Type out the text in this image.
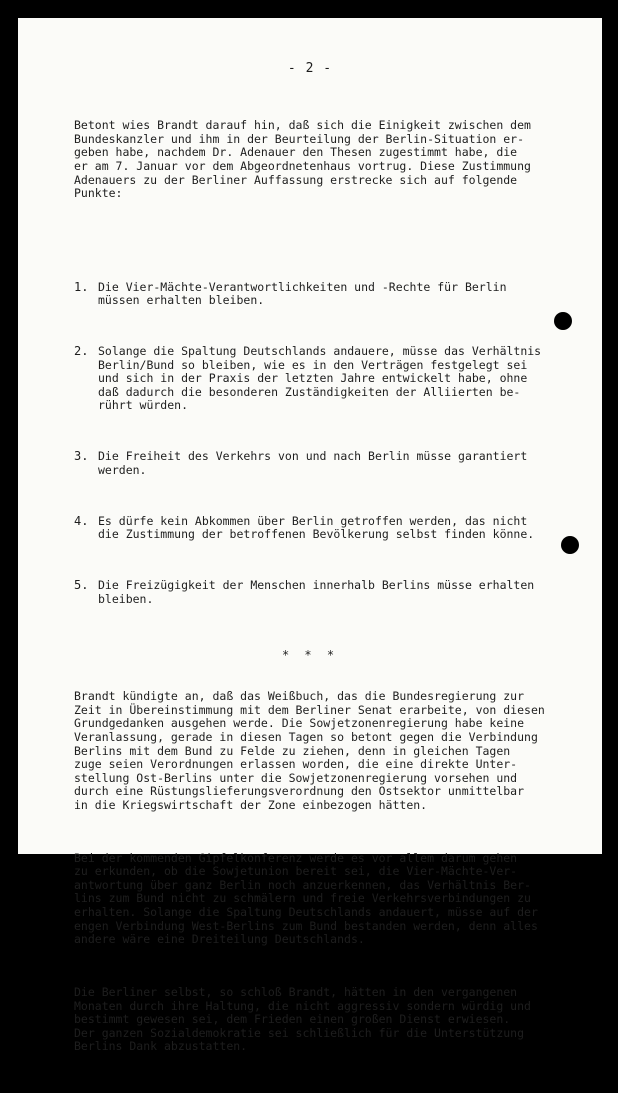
- 2 -

Betont wies Brandt darauf hin, daß sich die Einigkeit zwischen dem
Bundeskanzler und ihm in der Beurteilung der Berlin-Situation er-
geben habe, nachdem Dr. Adenauer den Thesen zugestimmt habe, die
er am 7. Januar vor dem Abgeordnetenhaus vortrug. Diese Zustimmung
Adenauers zu der Berliner Auffassung erstrecke sich auf folgende
Punkte:

1. Die Vier-Mächte-Verantwortlichkeiten und -Rechte für Berlin
müssen erhalten bleiben.

2. Solange die Spaltung Deutschlands andauere, müsse das Verhältnis
Berlin/Bund so bleiben, wie es in den Verträgen festgelegt sei
und sich in der Praxis der letzten Jahre entwickelt habe, ohne
daß dadurch die besonderen Zuständigkeiten der Alliierten be-
rührt würden.

3. Die Freiheit des Verkehrs von und nach Berlin müsse garantiert
werden.

4. Es dürfe kein Abkommen über Berlin getroffen werden, das nicht
die Zustimmung der betroffenen Bevölkerung selbst finden könne.

5. Die Freizügigkeit der Menschen innerhalb Berlins müsse erhalten
bleiben.

Brandt kündigte an, daß das Weißbuch, das die Bundesregierung zur
Zeit in Übereinstimmung mit dem Berliner Senat erarbeite, von diesen
Grundgedanken ausgehen werde. Die Sowjetzonenregierung habe keine
Veranlassung, gerade in diesen Tagen so betont gegen die Verbindung
Berlins mit dem Bund zu Felde zu ziehen, denn in gleichen Tagen
zuge seien Verordnungen erlassen worden, die eine direkte Unter-
stellung Ost-Berlins unter die Sowjetzonenregierung vorsehen und
durch eine Rüstungslieferungsverordnung den Ostsektor unmittelbar
in die Kriegswirtschaft der Zone einbezogen hätten.

Bei der kommenden Gipfelkonferenz werde es vor allem darum gehen
zu erkunden, ob die Sowjetunion bereit sei, die Vier-Mächte-Ver-
antwortung über ganz Berlin noch anzuerkennen, das Verhältnis Ber-
lins zum Bund nicht zu schmälern und freie Verkehrsverbindungen zu
erhalten. Solange die Spaltung Deutschlands andauert, müsse auf der
engen Verbindung West-Berlins zum Bund bestanden werden, denn alles
andere wäre eine Dreiteilung Deutschlands.

Die Berliner selbst, so schloß Brandt, hätten in den vergangenen
Monaten durch ihre Haltung, die nicht aggressiv sondern würdig und
bestimmt gewesen sei, dem Frieden einen großen Dienst erwiesen.
Der ganzen Sozialdemokratie sei schließlich für die Unterstützung
Berlins Dank abzustatten.

* * *
